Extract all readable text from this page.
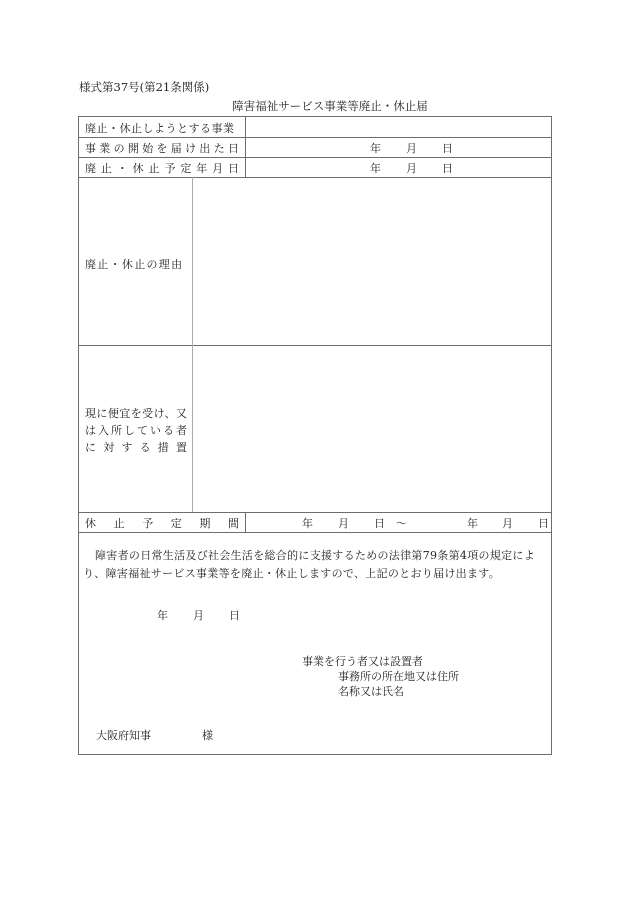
様式第37号(第21条関係)
障害福祉サービス事業等廃止・休止届
廃止・休止しようとする事業
事業の開始を届け出た日	年 月 日
廃止・休止予定年月日	年 月 日
廃止・休止の理由
現に便宜を受け、又
は入所している者
に対する措置
休止予定期間	年 月 日 ～	年 月 日
障害者の日常生活及び社会生活を総合的に支援するための法律第79条第4項の規定によ
り、障害福祉サービス事業等を廃止・休止しますので、上記のとおり届け出ます。
年 月 日
事業を行う者又は設置者
事務所の所在地又は住所
名称又は氏名
大阪府知事	様
